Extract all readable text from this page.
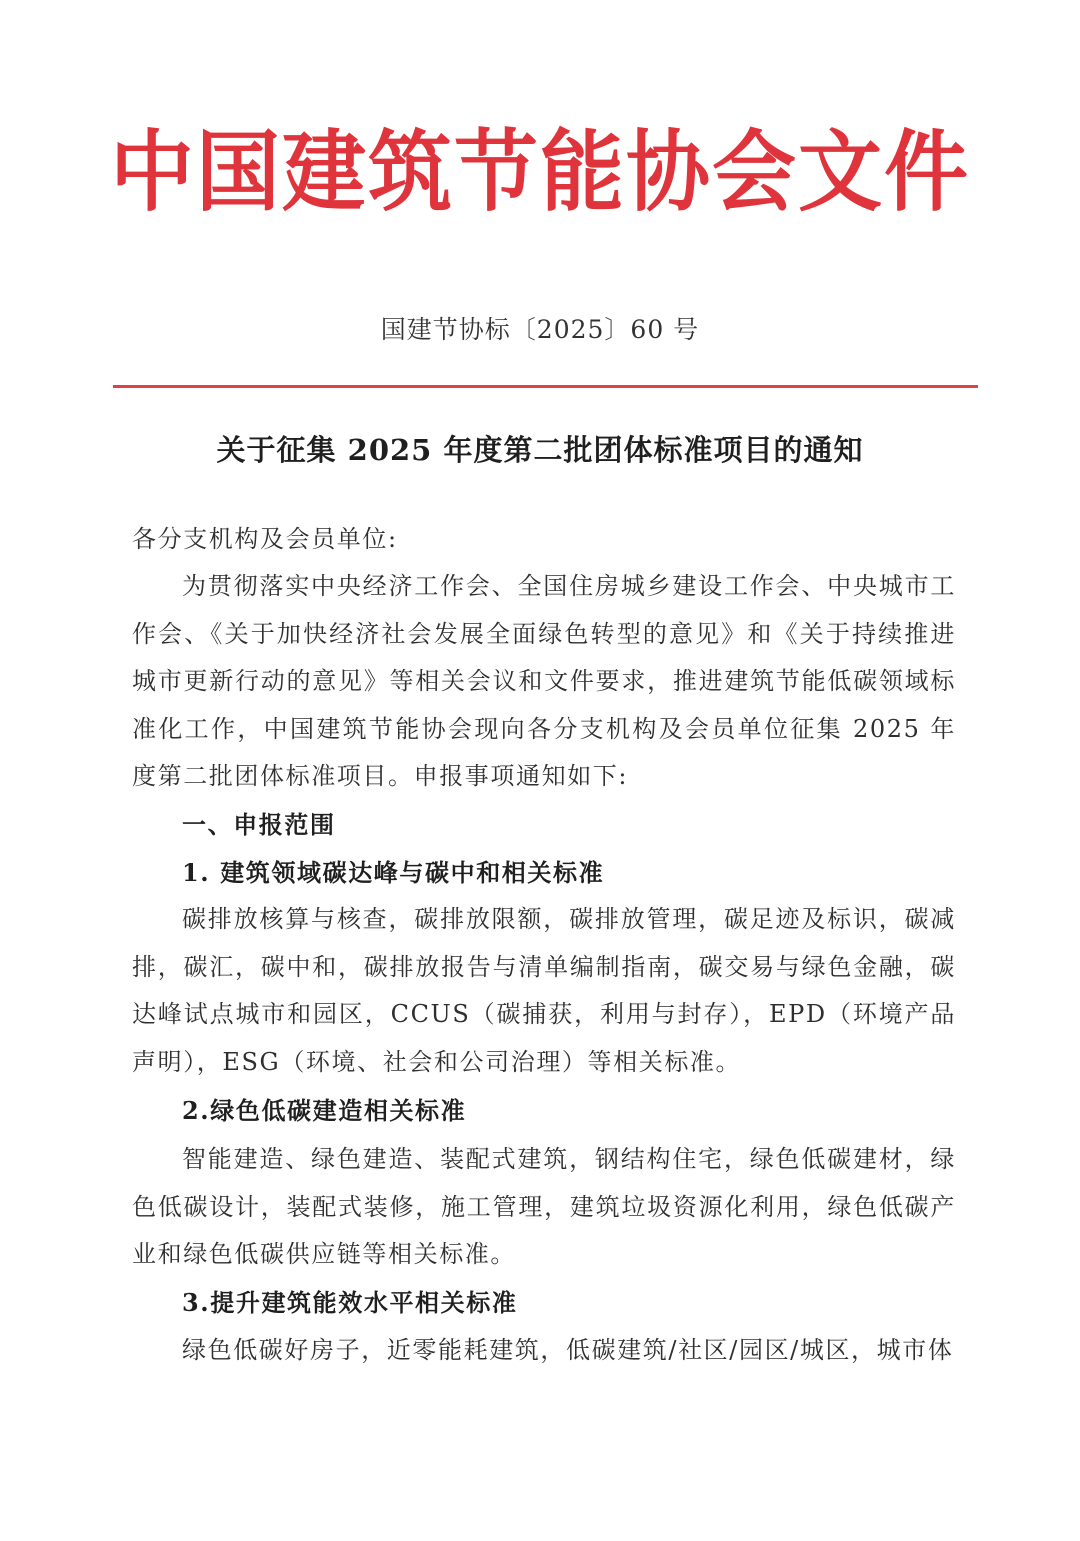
中国建筑节能协会文件
国建节协标〔2025〕60 号
关于征集 2025 年度第二批团体标准项目的通知

各分支机构及会员单位:

为贯彻落实中央经济工作会、全国住房城乡建设工作会、中央城市工作会、《关于加快经济社会发展全面绿色转型的意见》和《关于持续推进城市更新行动的意见》等相关会议和文件要求，推进建筑节能低碳领域标准化工作，中国建筑节能协会现向各分支机构及会员单位征集 2025 年度第二批团体标准项目。申报事项通知如下:

一、申报范围

1. 建筑领域碳达峰与碳中和相关标准

碳排放核算与核查，碳排放限额，碳排放管理，碳足迹及标识，碳减排，碳汇，碳中和，碳排放报告与清单编制指南，碳交易与绿色金融，碳达峰试点城市和园区，CCUS（碳捕获，利用与封存），EPD（环境产品声明），ESG（环境、社会和公司治理）等相关标准。

2.绿色低碳建造相关标准

智能建造、绿色建造、装配式建筑，钢结构住宅，绿色低碳建材，绿色低碳设计，装配式装修，施工管理，建筑垃圾资源化利用，绿色低碳产业和绿色低碳供应链等相关标准。

3.提升建筑能效水平相关标准

绿色低碳好房子，近零能耗建筑，低碳建筑/社区/园区/城区，城市体
